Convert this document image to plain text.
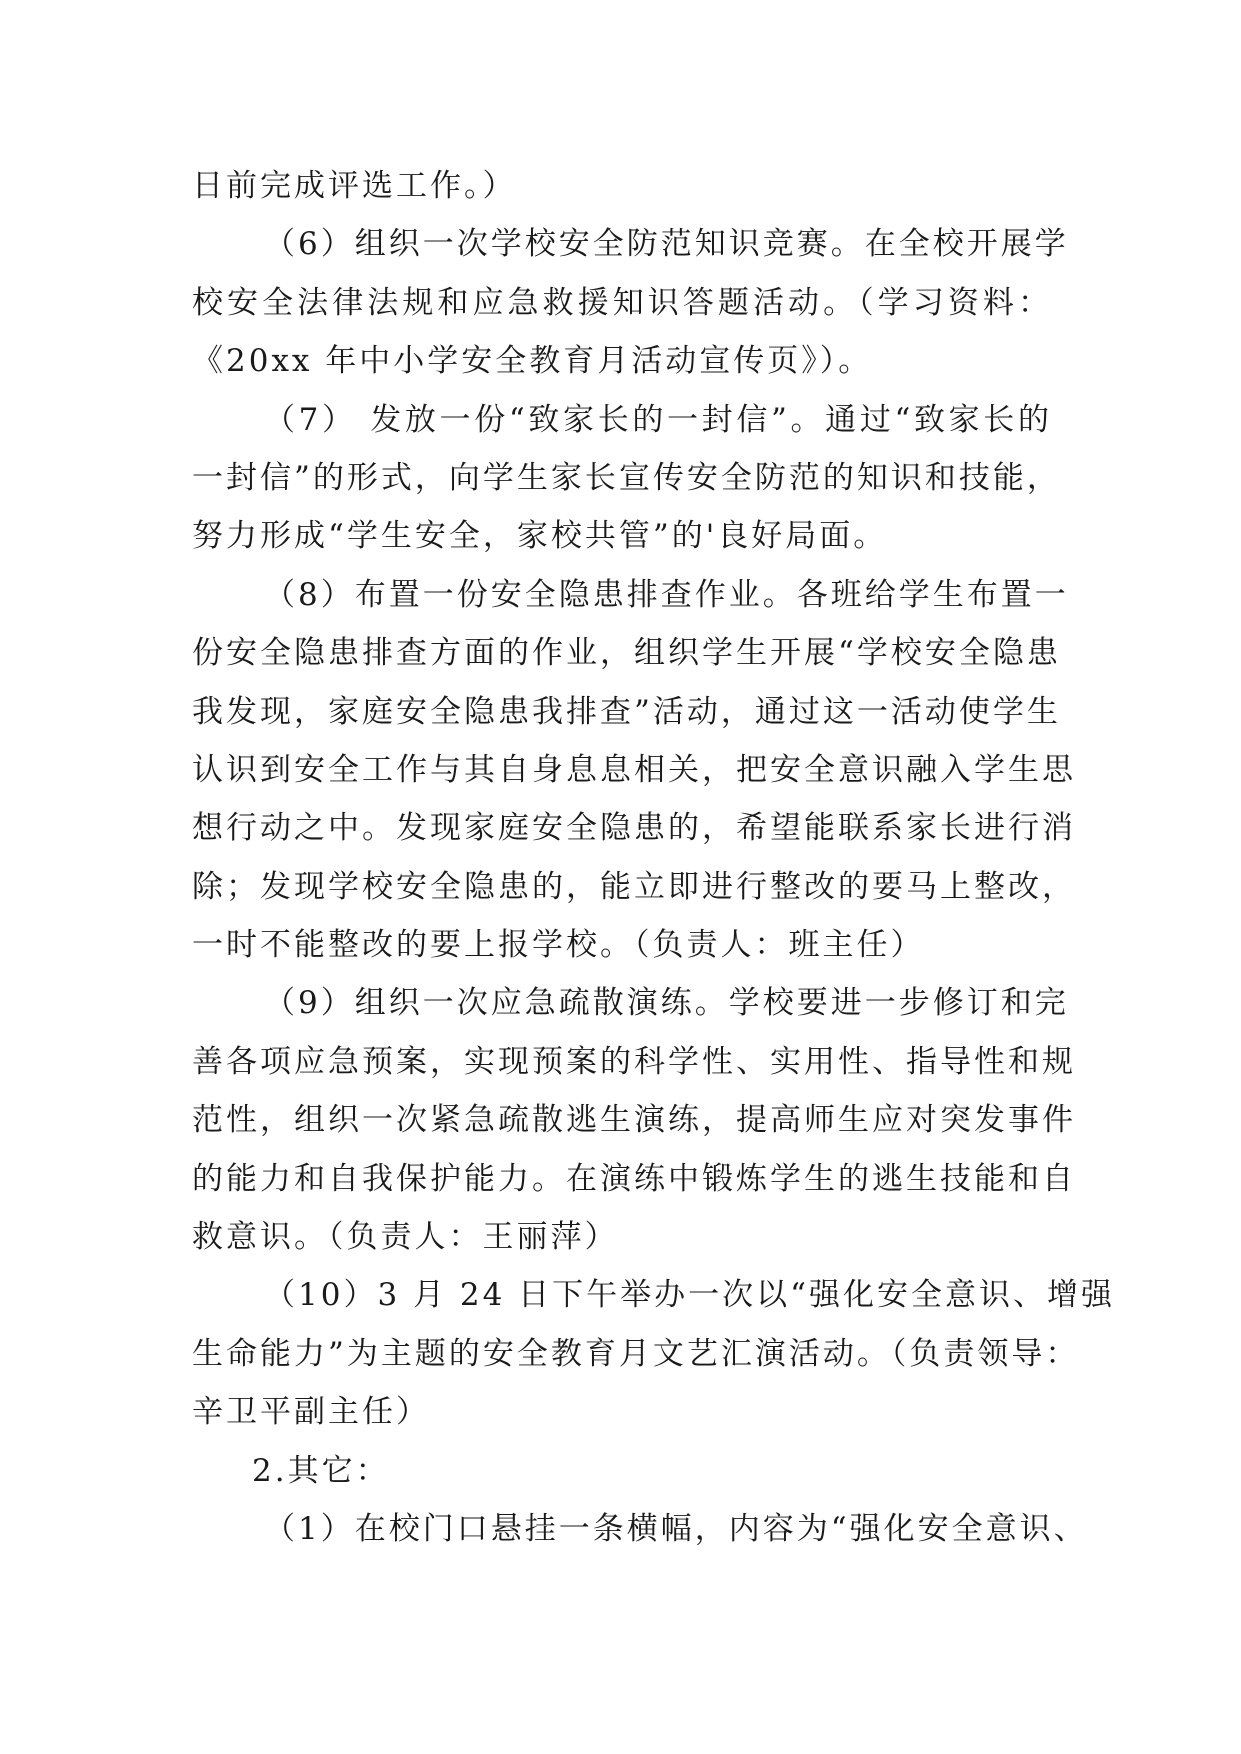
日前完成评选工作。）
（6）组织一次学校安全防范知识竞赛。在全校开展学
校安全法律法规和应急救援知识答题活动。（学习资料：
《20xx 年中小学安全教育月活动宣传页》）。
（7） 发放一份“致家长的一封信”。通过“致家长的
一封信”的形式，向学生家长宣传安全防范的知识和技能，
努力形成“学生安全，家校共管”的'良好局面。
（8）布置一份安全隐患排查作业。各班给学生布置一
份安全隐患排查方面的作业，组织学生开展“学校安全隐患
我发现，家庭安全隐患我排查”活动，通过这一活动使学生
认识到安全工作与其自身息息相关，把安全意识融入学生思
想行动之中。发现家庭安全隐患的，希望能联系家长进行消
除；发现学校安全隐患的，能立即进行整改的要马上整改，
一时不能整改的要上报学校。（负责人：班主任）
（9）组织一次应急疏散演练。学校要进一步修订和完
善各项应急预案，实现预案的科学性、实用性、指导性和规
范性，组织一次紧急疏散逃生演练，提高师生应对突发事件
的能力和自我保护能力。在演练中锻炼学生的逃生技能和自
救意识。（负责人：王丽萍）
（10）3 月 24 日下午举办一次以“强化安全意识、增强
生命能力”为主题的安全教育月文艺汇演活动。（负责领导：
辛卫平副主任）
2.其它：
（1）在校门口悬挂一条横幅，内容为“强化安全意识、
